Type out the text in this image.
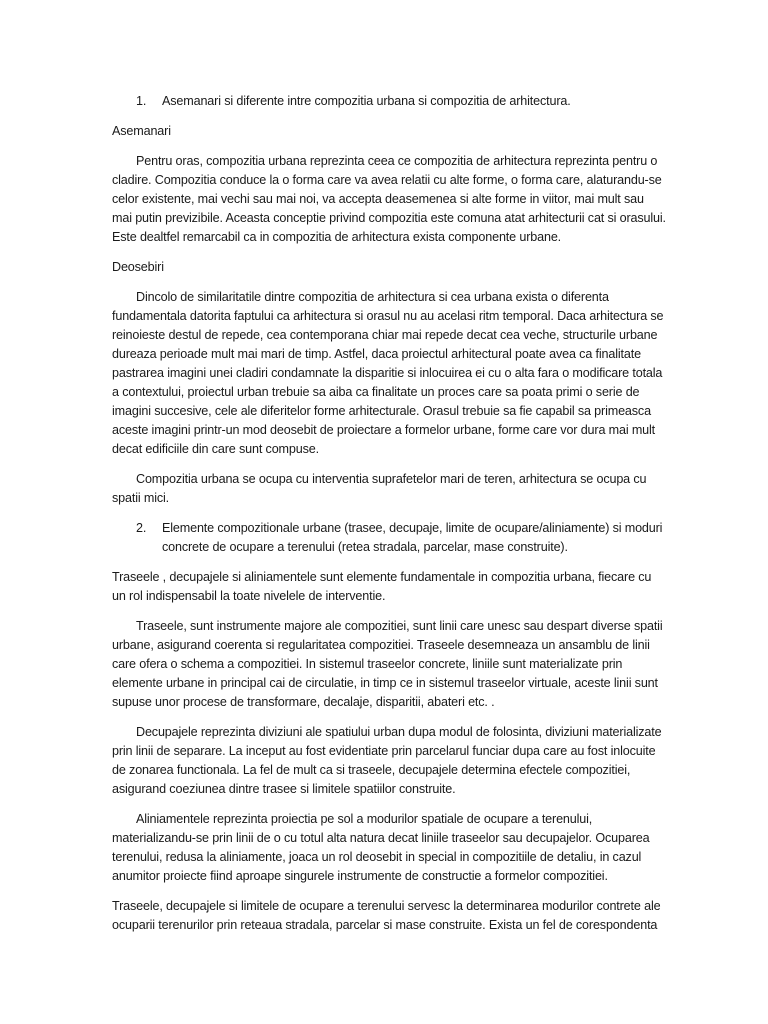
1. Asemanari si diferente intre compozitia urbana si compozitia de arhitectura.

Asemanari

Pentru oras, compozitia urbana reprezinta ceea ce compozitia de arhitectura reprezinta pentru o cladire. Compozitia conduce la o forma care va avea relatii cu alte forme, o forma care, alaturandu-se celor existente, mai vechi sau mai noi, va accepta deasemenea si alte forme in viitor, mai mult sau mai putin previzibile. Aceasta conceptie privind compozitia este comuna atat arhitecturii cat si orasului. Este dealtfel remarcabil ca in compozitia de arhitectura exista componente urbane.

Deosebiri

Dincolo de similaritatile dintre compozitia de arhitectura si cea urbana exista o diferenta fundamentala datorita faptului ca arhitectura si orasul nu au acelasi ritm temporal. Daca arhitectura se reinoieste destul de repede, cea contemporana chiar mai repede decat cea veche, structurile urbane dureaza perioade mult mai mari de timp. Astfel, daca proiectul arhitectural poate avea ca finalitate pastrarea imagini unei cladiri condamnate la disparitie si inlocuirea ei cu o alta fara o modificare totala a contextului, proiectul urban trebuie sa aiba ca finalitate un proces care sa poata primi o serie de imagini succesive, cele ale diferitelor forme arhitecturale. Orasul trebuie sa fie capabil sa primeasca aceste imagini printr-un mod deosebit de proiectare a formelor urbane, forme care vor dura mai mult decat edificiile din care sunt compuse.

Compozitia urbana se ocupa cu interventia suprafetelor mari de teren, arhitectura se ocupa cu spatii mici.

2. Elemente compozitionale urbane (trasee, decupaje, limite de ocupare/aliniamente) si moduri concrete de ocupare a terenului (retea stradala, parcelar, mase construite).

Traseele , decupajele si aliniamentele sunt elemente fundamentale in compozitia urbana, fiecare cu un rol indispensabil la toate nivelele de interventie.

Traseele, sunt instrumente majore ale compozitiei, sunt linii care unesc sau despart diverse spatii urbane, asigurand coerenta si regularitatea compozitiei. Traseele desemneaza un ansamblu de linii care ofera o schema a compozitiei. In sistemul traseelor concrete, liniile sunt materializate prin elemente urbane in principal cai de circulatie, in timp ce in sistemul traseelor virtuale, aceste linii sunt supuse unor procese de transformare, decalaje, disparitii, abateri etc. .

Decupajele reprezinta diviziuni ale spatiului urban dupa modul de folosinta, diviziuni materializate prin linii de separare. La inceput au fost evidentiate prin parcelarul funciar dupa care au fost inlocuite de zonarea functionala. La fel de mult ca si traseele, decupajele determina efectele compozitiei, asigurand coeziunea dintre trasee si limitele spatiilor construite.

Aliniamentele reprezinta proiectia pe sol a modurilor spatiale de ocupare a terenului, materializandu-se prin linii de o cu totul alta natura decat liniile traseelor sau decupajelor. Ocuparea terenului, redusa la aliniamente, joaca un rol deosebit in special in compozitiile de detaliu, in cazul anumitor proiecte fiind aproape singurele instrumente de constructie a formelor compozitiei.

Traseele, decupajele si limitele de ocupare a terenului servesc la determinarea modurilor contrete ale ocuparii terenurilor prin reteaua stradala, parcelar si mase construite. Exista un fel de corespondenta
